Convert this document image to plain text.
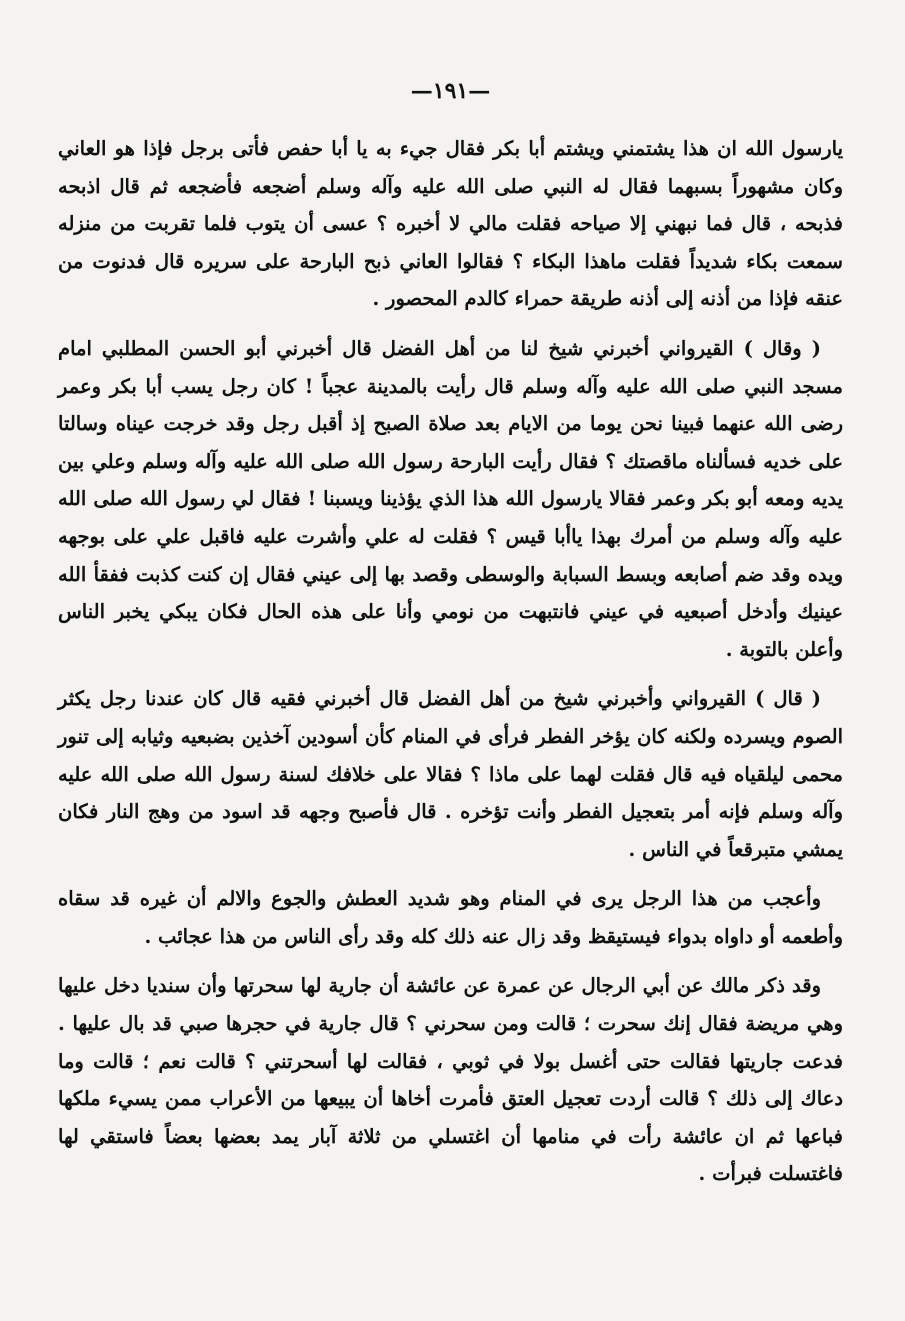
—١٩١—

يارسول الله ان هذا يشتمني ويشتم أبا بكر فقال جيء به يا أبا حفص فأتى برجل فإذا هو العاني وكان مشهوراً بسبهما فقال له النبي صلى الله عليه وآله وسلم أضجعه فأضجعه ثم قال اذبحه فذبحه ، قال فما نبهني إلا صياحه فقلت مالي لا أخبره ؟ عسى أن يتوب فلما تقربت من منزله سمعت بكاء شديداً فقلت ماهذا البكاء ؟ فقالوا العاني ذبح البارحة على سريره قال فدنوت من عنقه فإذا من أذنه إلى أذنه طريقة حمراء كالدم المحصور .

( وقال ) القيرواني أخبرني شيخ لنا من أهل الفضل قال أخبرني أبو الحسن المطلبي امام مسجد النبي صلى الله عليه وآله وسلم قال رأيت بالمدينة عجباً ! كان رجل يسب أبا بكر وعمر رضى الله عنهما فبينا نحن يوما من الايام بعد صلاة الصبح إذ أقبل رجل وقد خرجت عيناه وسالتا على خديه فسألناه ماقصتك ؟ فقال رأيت البارحة رسول الله صلى الله عليه وآله وسلم وعلي بين يديه ومعه أبو بكر وعمر فقالا يارسول الله هذا الذي يؤذينا ويسبنا ! فقال لي رسول الله صلى الله عليه وآله وسلم من أمرك بهذا ياأبا قيس ؟ فقلت له علي وأشرت عليه فاقبل علي على بوجهه ويده وقد ضم أصابعه وبسط السبابة والوسطى وقصد بها إلى عيني فقال إن كنت كذبت ففقأ الله عينيك وأدخل أصبعيه في عيني فانتبهت من نومي وأنا على هذه الحال فكان يبكي يخبر الناس وأعلن بالتوبة .

( قال ) القيرواني وأخبرني شيخ من أهل الفضل قال أخبرني فقيه قال كان عندنا رجل يكثر الصوم ويسرده ولكنه كان يؤخر الفطر فرأى في المنام كأن أسودين آخذين بضبعيه وثيابه إلى تنور محمى ليلقياه فيه قال فقلت لهما على ماذا ؟ فقالا على خلافك لسنة رسول الله صلى الله عليه وآله وسلم فإنه أمر بتعجيل الفطر وأنت تؤخره . قال فأصبح وجهه قد اسود من وهج النار فكان يمشي متبرقعاً في الناس .

وأعجب من هذا الرجل يرى في المنام وهو شديد العطش والجوع والالم أن غيره قد سقاه وأطعمه أو داواه بدواء فيستيقظ وقد زال عنه ذلك كله وقد رأى الناس من هذا عجائب .

وقد ذكر مالك عن أبي الرجال عن عمرة عن عائشة أن جارية لها سحرتها وأن سنديا دخل عليها وهي مريضة فقال إنك سحرت ؛ قالت ومن سحرني ؟ قال جارية في حجرها صبي قد بال عليها . فدعت جاريتها فقالت حتى أغسل بولا في ثوبي ، فقالت لها أسحرتني ؟ قالت نعم ؛ قالت وما دعاك إلى ذلك ؟ قالت أردت تعجيل العتق فأمرت أخاها أن يبيعها من الأعراب ممن يسيء ملكها فباعها ثم ان عائشة رأت في منامها أن اغتسلي من ثلاثة آبار يمد بعضها بعضاً فاستقي لها فاغتسلت فبرأت .
